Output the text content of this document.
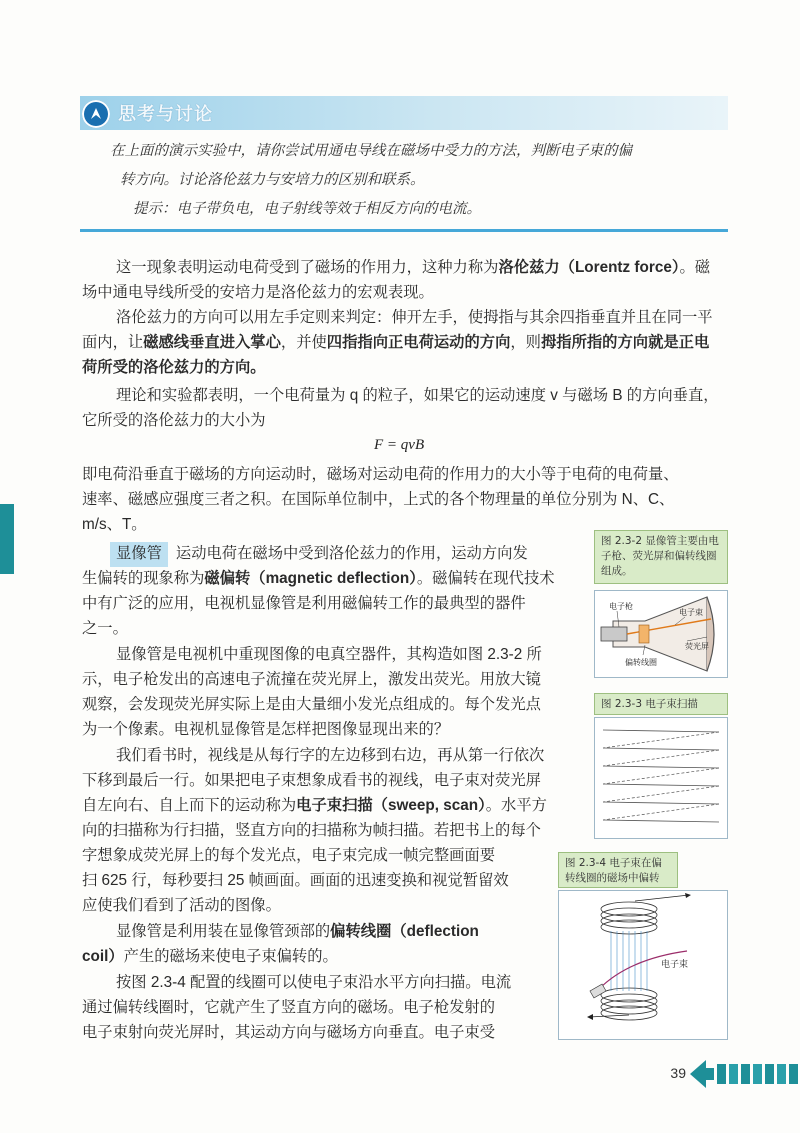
思考与讨论
在上面的演示实验中，请你尝试用通电导线在磁场中受力的方法，判断电子束的偏
转方向。讨论洛伦兹力与安培力的区别和联系。
提示：电子带负电，电子射线等效于相反方向的电流。
这一现象表明运动电荷受到了磁场的作用力，这种力称为洛伦兹力（Lorentz force）。磁
场中通电导线所受的安培力是洛伦兹力的宏观表现。
洛伦兹力的方向可以用左手定则来判定：伸开左手，使拇指与其余四指垂直并且在同一平
面内，让磁感线垂直进入掌心，并使四指指向正电荷运动的方向，则拇指所指的方向就是正电
荷所受的洛伦兹力的方向。
理论和实验都表明，一个电荷量为 q 的粒子，如果它的运动速度 v 与磁场 B 的方向垂直，
它所受的洛伦兹力的大小为
F = qvB
即电荷沿垂直于磁场的方向运动时，磁场对运动电荷的作用力的大小等于电荷的电荷量、
速率、磁感应强度三者之积。在国际单位制中，上式的各个物理量的单位分别为 N、C、
m/s、T。
显像管 运动电荷在磁场中受到洛伦兹力的作用，运动方向发
生偏转的现象称为磁偏转（magnetic deflection）。磁偏转在现代技术
中有广泛的应用，电视机显像管是利用磁偏转工作的最典型的器件
之一。
显像管是电视机中重现图像的电真空器件，其构造如图 2.3-2 所
示，电子枪发出的高速电子流撞在荧光屏上，激发出荧光。用放大镜
观察，会发现荧光屏实际上是由大量细小发光点组成的。每个发光点
为一个像素。电视机显像管是怎样把图像显现出来的？
我们看书时，视线是从每行字的左边移到右边，再从第一行依次
下移到最后一行。如果把电子束想象成看书的视线，电子束对荧光屏
自左向右、自上而下的运动称为电子束扫描（sweep, scan）。水平方
向的扫描称为行扫描，竖直方向的扫描称为帧扫描。若把书上的每个
字想象成荧光屏上的每个发光点，电子束完成一帧完整画面要
扫 625 行，每秒要扫 25 帧画面。画面的迅速变换和视觉暂留效
应使我们看到了活动的图像。
显像管是利用装在显像管颈部的偏转线圈（deflection
coil）产生的磁场来使电子束偏转的。
按图 2.3-4 配置的线圈可以使电子束沿水平方向扫描。电流
通过偏转线圈时，它就产生了竖直方向的磁场。电子枪发射的
电子束射向荧光屏时，其运动方向与磁场方向垂直。电子束受
图 2.3-2 显像管主要由电子枪、荧光屏和偏转线圈组成。
电子枪
电子束
荧光屏
偏转线圈
图 2.3-3 电子束扫描
图 2.3-4 电子束在偏转线圈的磁场中偏转
电子束
39
